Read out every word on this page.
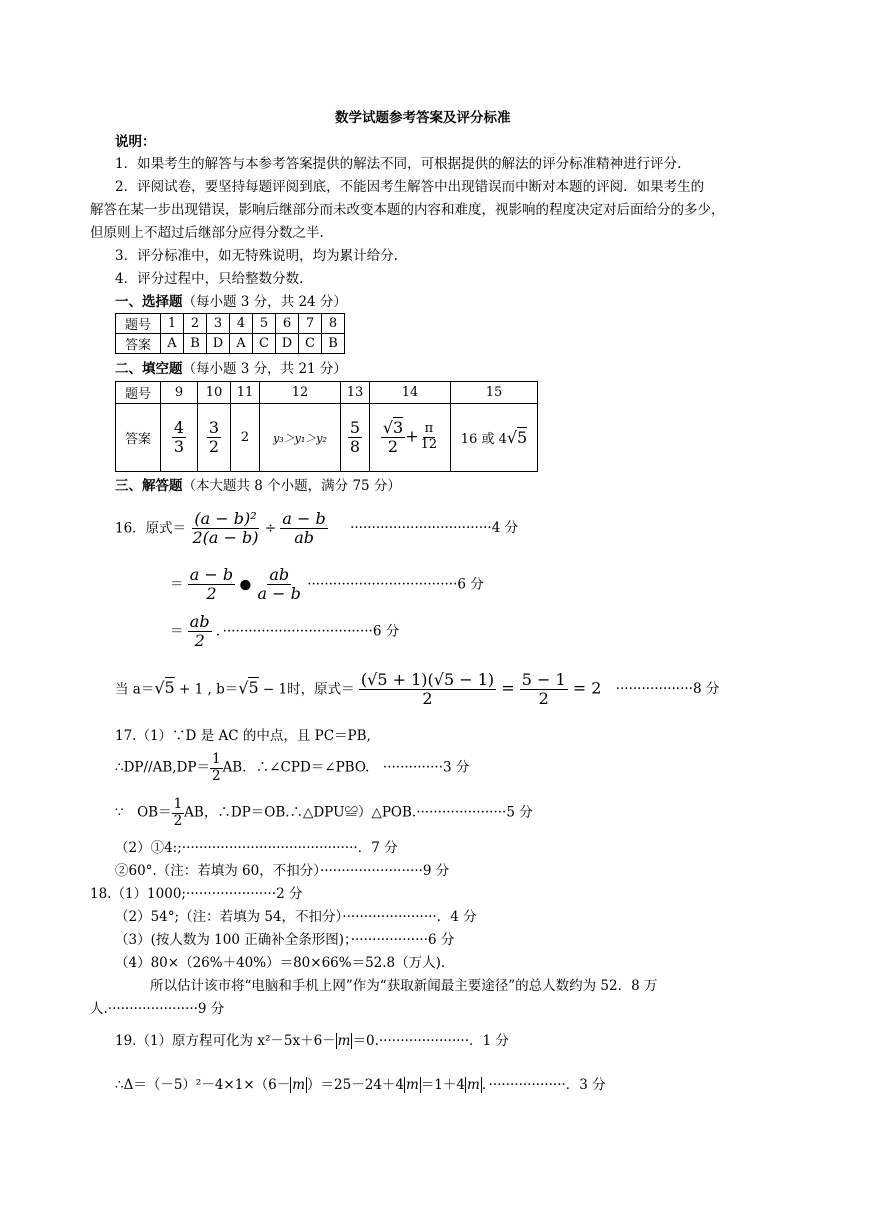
数学试题参考答案及评分标准
说明：
1．如果考生的解答与本参考答案提供的解法不同，可根据提供的解法的评分标准精神进行评分.
2．评阅试卷，要坚持每题评阅到底，不能因考生解答中出现错误而中断对本题的评阅．如果考生的
解答在某一步出现错误，影响后继部分而未改变本题的内容和难度，视影响的程度决定对后面给分的多少，
但原则上不超过后继部分应得分数之半.
3．评分标准中，如无特殊说明，均为累计给分.
4．评分过程中，只给整数分数.
一、选择题（每小题 3 分，共 24 分）
题号	1	2	3	4	5	6	7	8
答案	A	B	D	A	C	D	C	B
二、填空题（每小题 3 分，共 21 分）
题号	9	10	11	12	13	14	15
答案	$\frac{4}{3}$	$\frac{3}{2}$	2	y₃＞y₁＞y₂	$\frac{5}{8}$	$\frac{√3}{2} + \frac{\pi}{12}$	16 或 4√5
三、解答题（本大题共 8 个小题，满分 75 分）
16．原式＝ $\frac{\text{(a − b)²}}{2(a - b)} \div \frac{a - b}{ab} \cdot\cdot\cdot\cdot\cdot\cdot\cdot\cdot\cdot\cdot\cdot\cdot\cdot\cdot\cdot\cdot\cdot\cdot\cdot\cdot\cdot\cdot\cdot\cdot\cdot\cdot\cdot\cdot\cdot\cdot\cdot\cdot\cdot 4$ 分
＝ $\frac{a - b}{2}$ ● $\frac{ab}{a - b} \cdot\cdot\cdot\cdot\cdot\cdot\cdot\cdot\cdot\cdot\cdot\cdot\cdot\cdot\cdot\cdot\cdot\cdot\cdot\cdot\cdot\cdot\cdot\cdot\cdot\cdot\cdot\cdot\cdot\cdot\cdot\cdot\cdot\cdot\cdot 6$ 分
＝ $\frac{ab}{2}$ ．···································6 分
当 a＝√5 + 1 , b＝√5 − 1时，原式＝ $\frac{(√5 + 1)(√5 - 1)}{2} = \frac{5 - 1}{2} = 2 \cdot\cdot\cdot\cdot\cdot\cdot\cdot\cdot\cdot\cdot\cdot\cdot\cdot\cdot\cdot\cdot\cdot\cdot 8$ 分
17.（1）∵D 是 AC 的中点，且 PC＝PB,
∴DP//AB,DP＝ $\frac{1}{2}$ AB．∴∠CPD＝∠PBO.　··············3 分
∵　$OB= \frac{1}{2}$ AB，∴DP＝OB.∴△DPU≌）△POB.·····················5 分
（2）①4:;·········································．7 分
②60°.（注：若填为 60，不扣分）························9 分
18.（1）1000;·····················2 分
（2）54°;（注：若填为 54，不扣分）······················．4 分
（3）(按人数为 100 正确补全条形图)；··················6 分
（4）80×（26%＋40%）＝80×66%＝52.8（万人).
所以估计该市将“电脑和手机上网”作为“获取新闻最主要途径”的总人数约为 52．8 万
人.·····················9 分
19.（1）原方程可化为 x²－5x＋6－ m ＝0.·····················．1 分
∴Δ＝（－5）²－4×1×（6－ m ）＝25－24＋4 m ＝1＋4 m ．··················．3 分
